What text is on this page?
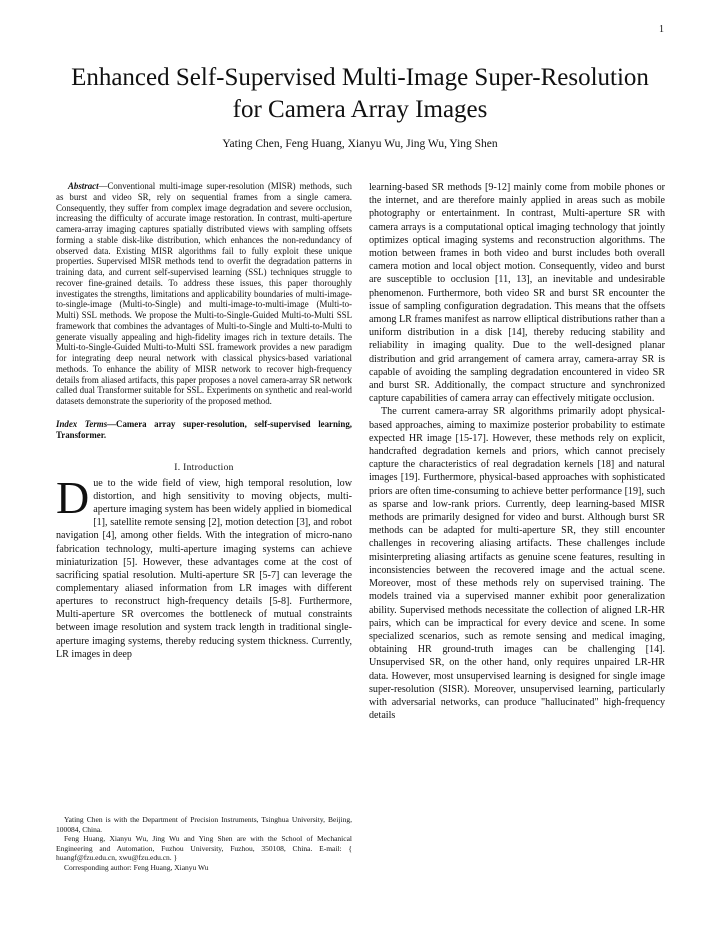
1
Enhanced Self-Supervised Multi-Image Super-Resolution for Camera Array Images
Yating Chen, Feng Huang, Xianyu Wu, Jing Wu, Ying Shen

Abstract—Conventional multi-image super-resolution (MISR) methods, such as burst and video SR, rely on sequential frames from a single camera. Consequently, they suffer from complex image degradation and severe occlusion, increasing the difficulty of accurate image restoration. In contrast, multi-aperture camera-array imaging captures spatially distributed views with sampling offsets forming a stable disk-like distribution, which enhances the non-redundancy of observed data. Existing MISR algorithms fail to fully exploit these unique properties. Supervised MISR methods tend to overfit the degradation patterns in training data, and current self-supervised learning (SSL) techniques struggle to recover fine-grained details. To address these issues, this paper thoroughly investigates the strengths, limitations and applicability boundaries of multi-image-to-single-image (Multi-to-Single) and multi-image-to-multi-image (Multi-to-Multi) SSL methods. We propose the Multi-to-Single-Guided Multi-to-Multi SSL framework that combines the advantages of Multi-to-Single and Multi-to-Multi to generate visually appealing and high-fidelity images rich in texture details. The Multi-to-Single-Guided Multi-to-Multi SSL framework provides a new paradigm for integrating deep neural network with classical physics-based variational methods. To enhance the ability of MISR network to recover high-frequency details from aliased artifacts, this paper proposes a novel camera-array SR network called dual Transformer suitable for SSL. Experiments on synthetic and real-world datasets demonstrate the superiority of the proposed method.

Index Terms—Camera array super-resolution, self-supervised learning, Transformer.

I. Introduction

Due to the wide field of view, high temporal resolution, low distortion, and high sensitivity to moving objects, multi-aperture imaging system has been widely applied in biomedical [1], satellite remote sensing [2], motion detection [3], and robot navigation [4], among other fields. With the integration of micro-nano fabrication technology, multi-aperture imaging systems can achieve miniaturization [5]. However, these advantages come at the cost of sacrificing spatial resolution. Multi-aperture SR [5-7] can leverage the complementary aliased information from LR images with different apertures to reconstruct high-frequency details [5-8]. Furthermore, Multi-aperture SR overcomes the bottleneck of mutual constraints between image resolution and system track length in traditional single-aperture imaging systems, thereby reducing system thickness. Currently, LR images in deep

Yating Chen is with the Department of Precision Instruments, Tsinghua University, Beijing, 100084, China.

Feng Huang, Xianyu Wu, Jing Wu and Ying Shen are with the School of Mechanical Engineering and Automation, Fuzhou University, Fuzhou, 350108, China. E-mail: { huangf@fzu.edu.cn, xwu@fzu.edu.cn. }

Corresponding author: Feng Huang, Xianyu Wu

learning-based SR methods [9-12] mainly come from mobile phones or the internet, and are therefore mainly applied in areas such as mobile photography or entertainment. In contrast, Multi-aperture SR with camera arrays is a computational optical imaging technology that jointly optimizes optical imaging systems and reconstruction algorithms. The motion between frames in both video and burst includes both overall camera motion and local object motion. Consequently, video and burst are susceptible to occlusion [11, 13], an inevitable and undesirable phenomenon. Furthermore, both video SR and burst SR encounter the issue of sampling configuration degradation. This means that the offsets among LR frames manifest as narrow elliptical distributions rather than a uniform distribution in a disk [14], thereby reducing stability and reliability in imaging quality. Due to the well-designed planar distribution and grid arrangement of camera array, camera-array SR is capable of avoiding the sampling degradation encountered in video SR and burst SR. Additionally, the compact structure and synchronized capture capabilities of camera array can effectively mitigate occlusion.

The current camera-array SR algorithms primarily adopt physical-based approaches, aiming to maximize posterior probability to estimate expected HR image [15-17]. However, these methods rely on explicit, handcrafted degradation kernels and priors, which cannot precisely capture the characteristics of real degradation kernels [18] and natural images [19]. Furthermore, physical-based approaches with sophisticated priors are often time-consuming to achieve better performance [19], such as sparse and low-rank priors. Currently, deep learning-based MISR methods are primarily designed for video and burst. Although burst SR methods can be adapted for multi-aperture SR, they still encounter challenges in recovering aliasing artifacts. These challenges include misinterpreting aliasing artifacts as genuine scene features, resulting in inconsistencies between the recovered image and the actual scene. Moreover, most of these methods rely on supervised training. The models trained via a supervised manner exhibit poor generalization ability. Supervised methods necessitate the collection of aligned LR-HR pairs, which can be impractical for every device and scene. In some specialized scenarios, such as remote sensing and medical imaging, obtaining HR ground-truth images can be challenging [14]. Unsupervised SR, on the other hand, only requires unpaired LR-HR data. However, most unsupervised learning is designed for single image super-resolution (SISR). Moreover, unsupervised learning, particularly with adversarial networks, can produce "hallucinated" high-frequency details
